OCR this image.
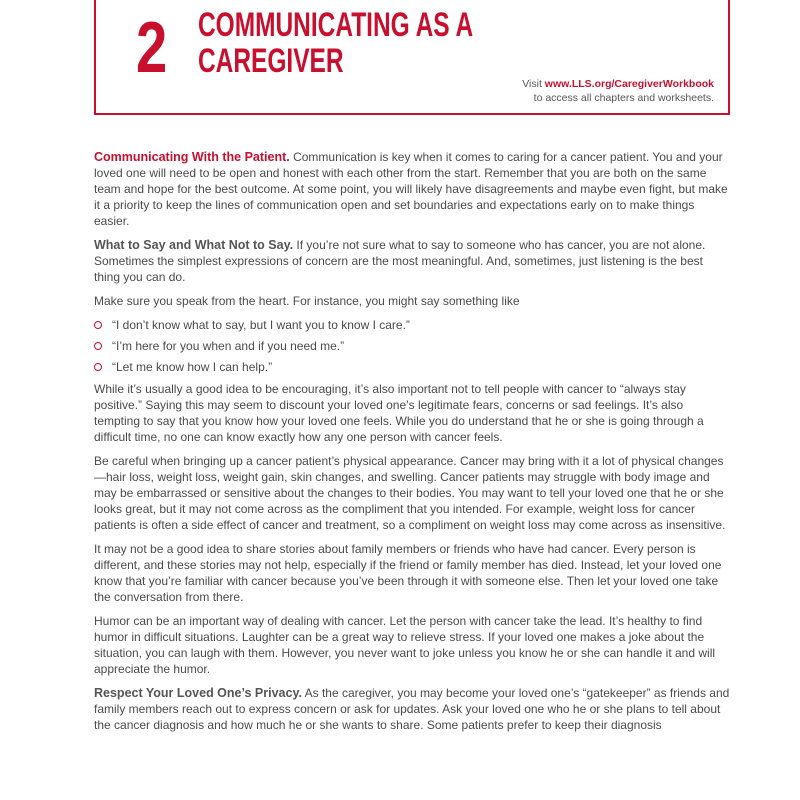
2 COMMUNICATING AS A
CAREGIVER
Visit www.LLS.org/CaregiverWorkbook
to access all chapters and worksheets.

Communicating With the Patient. Communication is key when it comes to caring for a cancer patient. You and your loved one will need to be open and honest with each other from the start. Remember that you are both on the same team and hope for the best outcome. At some point, you will likely have disagreements and maybe even fight, but make it a priority to keep the lines of communication open and set boundaries and expectations early on to make things easier.

What to Say and What Not to Say. If you’re not sure what to say to someone who has cancer, you are not alone. Sometimes the simplest expressions of concern are the most meaningful. And, sometimes, just listening is the best thing you can do.

Make sure you speak from the heart. For instance, you might say something like

“I don’t know what to say, but I want you to know I care.”
“I’m here for you when and if you need me.”
“Let me know how I can help.”

While it’s usually a good idea to be encouraging, it’s also important not to tell people with cancer to “always stay positive.” Saying this may seem to discount your loved one’s legitimate fears, concerns or sad feelings. It’s also tempting to say that you know how your loved one feels. While you do understand that he or she is going through a difficult time, no one can know exactly how any one person with cancer feels.

Be careful when bringing up a cancer patient’s physical appearance. Cancer may bring with it a lot of physical changes—hair loss, weight loss, weight gain, skin changes, and swelling. Cancer patients may struggle with body image and may be embarrassed or sensitive about the changes to their bodies. You may want to tell your loved one that he or she looks great, but it may not come across as the compliment that you intended. For example, weight loss for cancer patients is often a side effect of cancer and treatment, so a compliment on weight loss may come across as insensitive.

It may not be a good idea to share stories about family members or friends who have had cancer. Every person is different, and these stories may not help, especially if the friend or family member has died. Instead, let your loved one know that you’re familiar with cancer because you’ve been through it with someone else. Then let your loved one take the conversation from there.

Humor can be an important way of dealing with cancer. Let the person with cancer take the lead. It’s healthy to find humor in difficult situations. Laughter can be a great way to relieve stress. If your loved one makes a joke about the situation, you can laugh with them. However, you never want to joke unless you know he or she can handle it and will appreciate the humor.

Respect Your Loved One’s Privacy. As the caregiver, you may become your loved one’s “gatekeeper” as friends and family members reach out to express concern or ask for updates. Ask your loved one who he or she plans to tell about the cancer diagnosis and how much he or she wants to share. Some patients prefer to keep their diagnosis
